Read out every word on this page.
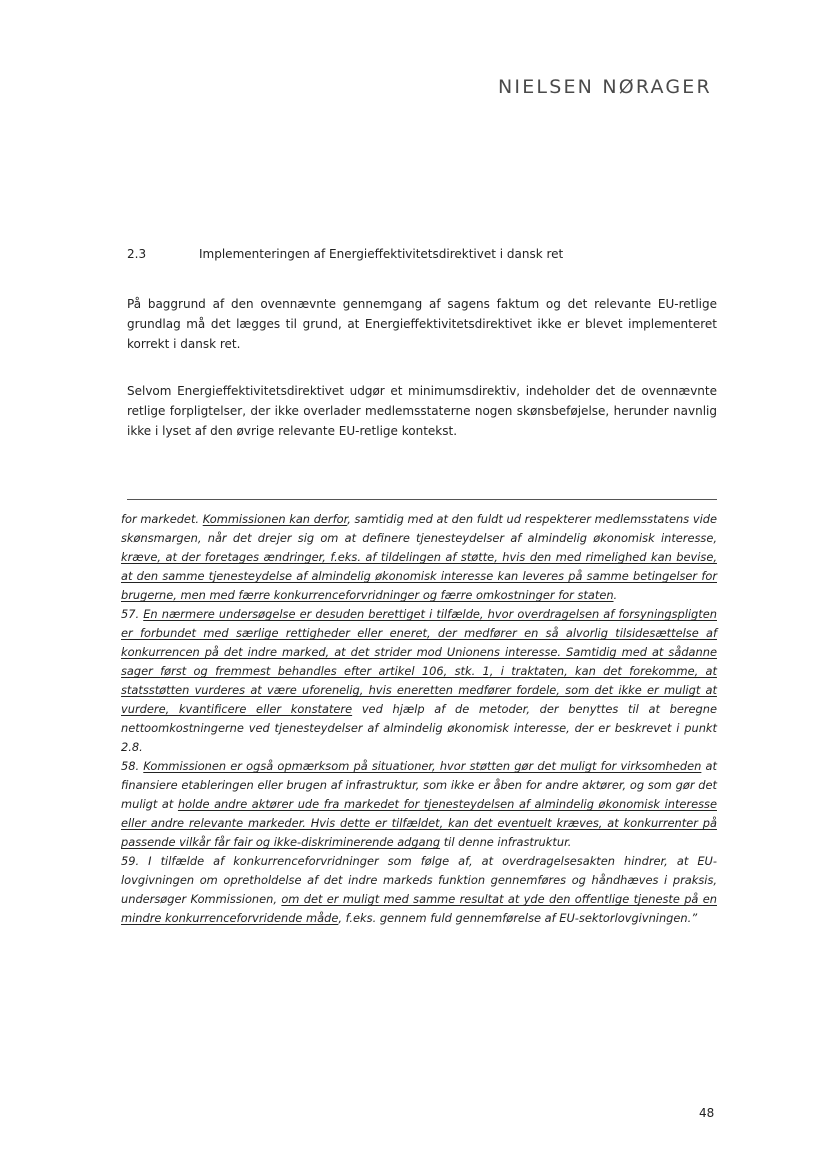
NIELSEN NØRAGER
2.3	Implementeringen af Energieffektivitetsdirektivet i dansk ret

På baggrund af den ovennævnte gennemgang af sagens faktum og det relevante EU-retlige grundlag må det lægges til grund, at Energieffektivitetsdirektivet ikke er blevet implementeret korrekt i dansk ret.

Selvom Energieffektivitetsdirektivet udgør et minimumsdirektiv, indeholder det de ovennævnte retlige forpligtelser, der ikke overlader medlemsstaterne nogen skønsbeføjelse, herunder navnlig ikke i lyset af den øvrige relevante EU-retlige kontekst.

for markedet. Kommissionen kan derfor, samtidig med at den fuldt ud respekterer medlemsstatens vide skønsmargen, når det drejer sig om at definere tjenesteydelser af almindelig økonomisk interesse, kræve, at der foretages ændringer, f.eks. af tildelingen af støtte, hvis den med rimelighed kan bevise, at den samme tjenesteydelse af almindelig økonomisk interesse kan leveres på samme betingelser for brugerne, men med færre konkurrenceforvridninger og færre omkostninger for staten.

57. En nærmere undersøgelse er desuden berettiget i tilfælde, hvor overdragelsen af forsyningspligten er forbundet med særlige rettigheder eller eneret, der medfører en så alvorlig tilsidesættelse af konkurrencen på det indre marked, at det strider mod Unionens interesse. Samtidig med at sådanne sager først og fremmest behandles efter artikel 106, stk. 1, i traktaten, kan det forekomme, at statsstøtten vurderes at være uforenelig, hvis eneretten medfører fordele, som det ikke er muligt at vurdere, kvantificere eller konstatere ved hjælp af de metoder, der benyttes til at beregne nettoomkostningerne ved tjenesteydelser af almindelig økonomisk interesse, der er beskrevet i punkt 2.8.

58. Kommissionen er også opmærksom på situationer, hvor støtten gør det muligt for virksomheden at finansiere etableringen eller brugen af infrastruktur, som ikke er åben for andre aktører, og som gør det muligt at holde andre aktører ude fra markedet for tjenesteydelsen af almindelig økonomisk interesse eller andre relevante markeder. Hvis dette er tilfældet, kan det eventuelt kræves, at konkurrenter på passende vilkår får fair og ikke-diskriminerende adgang til denne infrastruktur.

59. I tilfælde af konkurrenceforvridninger som følge af, at overdragelsesakten hindrer, at EU-lovgivningen om opretholdelse af det indre markeds funktion gennemføres og håndhæves i praksis, undersøger Kommissionen, om det er muligt med samme resultat at yde den offentlige tjeneste på en mindre konkurrenceforvridende måde, f.eks. gennem fuld gennemførelse af EU-sektorlovgivningen.”

48
